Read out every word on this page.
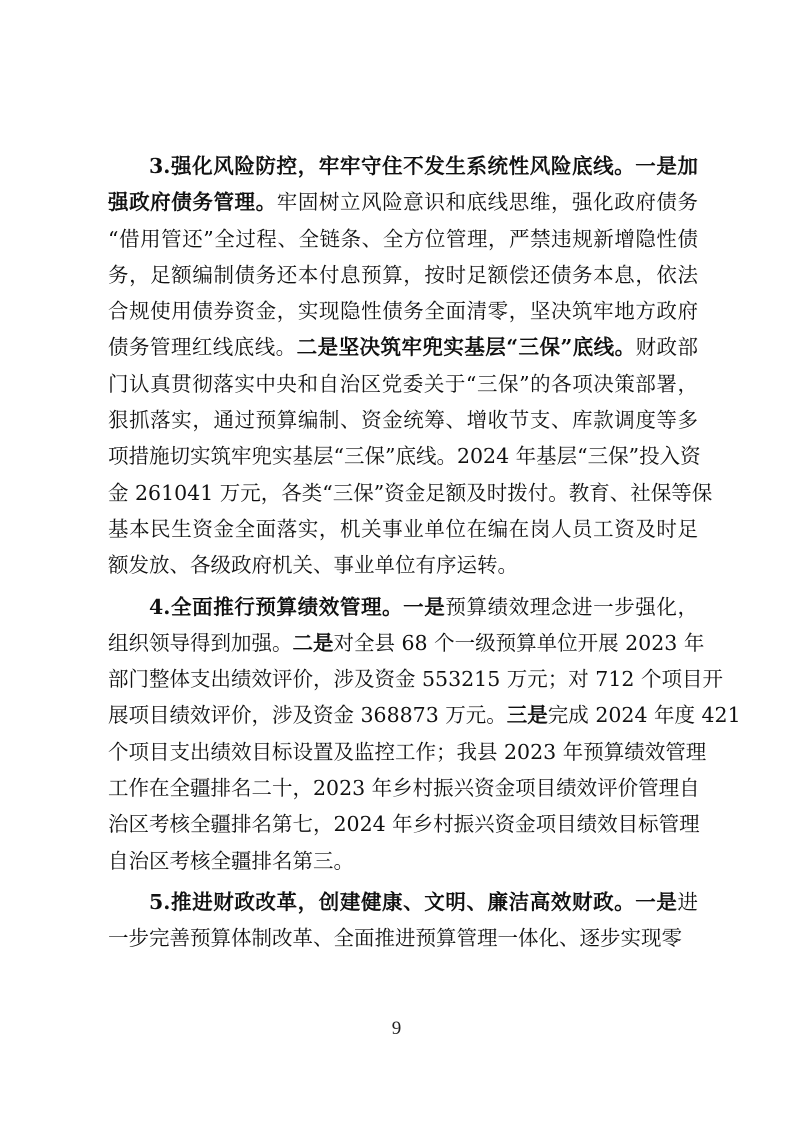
3.强化风险防控，牢牢守住不发生系统性风险底线。一是加
强政府债务管理。牢固树立风险意识和底线思维，强化政府债务
“借用管还”全过程、全链条、全方位管理，严禁违规新增隐性债
务，足额编制债务还本付息预算，按时足额偿还债务本息，依法
合规使用债券资金，实现隐性债务全面清零，坚决筑牢地方政府
债务管理红线底线。二是坚决筑牢兜实基层“三保”底线。财政部
门认真贯彻落实中央和自治区党委关于“三保”的各项决策部署，
狠抓落实，通过预算编制、资金统筹、增收节支、库款调度等多
项措施切实筑牢兜实基层“三保”底线。2024 年基层“三保”投入资
金 261041 万元，各类“三保”资金足额及时拨付。教育、社保等保
基本民生资金全面落实，机关事业单位在编在岗人员工资及时足
额发放、各级政府机关、事业单位有序运转。
4.全面推行预算绩效管理。一是预算绩效理念进一步强化，
组织领导得到加强。二是对全县 68 个一级预算单位开展 2023 年
部门整体支出绩效评价，涉及资金 553215 万元；对 712 个项目开
展项目绩效评价，涉及资金 368873 万元。三是完成 2024 年度 421
个项目支出绩效目标设置及监控工作；我县 2023 年预算绩效管理
工作在全疆排名二十，2023 年乡村振兴资金项目绩效评价管理自
治区考核全疆排名第七，2024 年乡村振兴资金项目绩效目标管理
自治区考核全疆排名第三。
5.推进财政改革，创建健康、文明、廉洁高效财政。一是进
一步完善预算体制改革、全面推进预算管理一体化、逐步实现零
9
